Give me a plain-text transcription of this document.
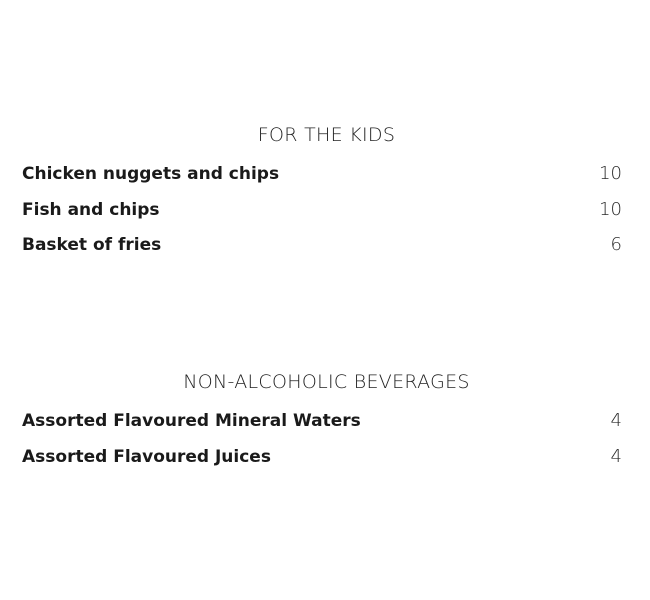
FOR THE KIDS
Chicken nuggets and chips	10
Fish and chips	10
Basket of fries	6
NON-ALCOHOLIC BEVERAGES
Assorted Flavoured Mineral Waters	4
Assorted Flavoured Juices	4
